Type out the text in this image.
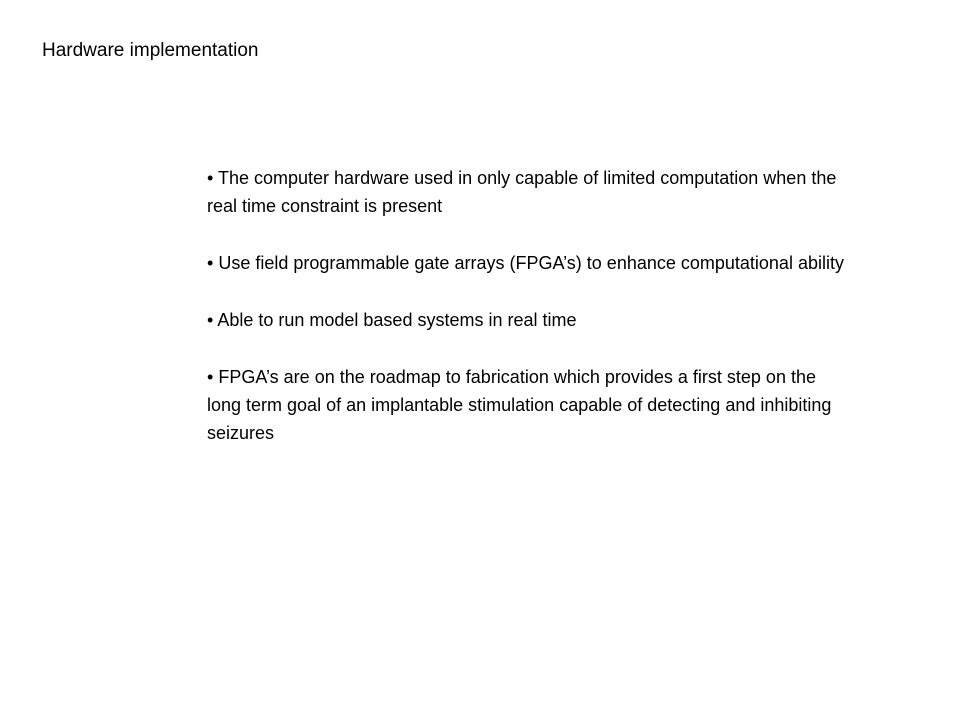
Hardware implementation
• The computer hardware used in only capable of limited computation when the real time constraint is present
• Use field programmable gate arrays (FPGA’s) to enhance computational ability
• Able to run model based systems in real time
• FPGA’s are on the roadmap to fabrication which provides a first step on the long term goal of an implantable stimulation capable of detecting and inhibiting seizures
